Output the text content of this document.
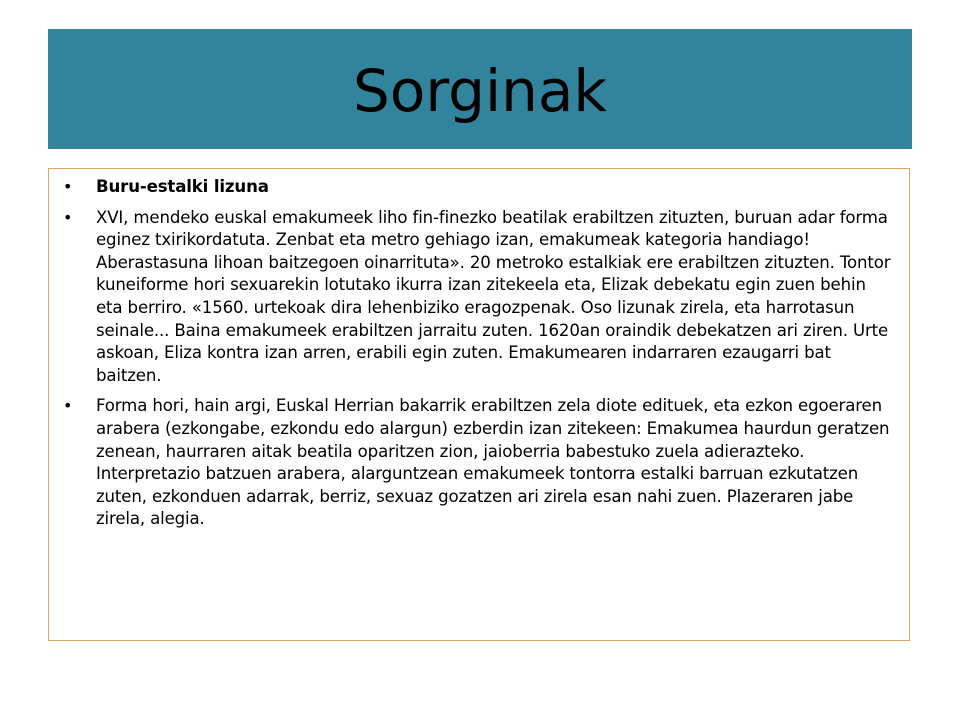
Sorginak
•	Buru-estalki lizuna
•	XVI, mendeko euskal emakumeek liho fin-finezko beatilak erabiltzen zituzten, buruan adar forma eginez txirikordatuta. Zenbat eta metro gehiago izan, emakumeak kategoria handiago! Aberastasuna lihoan baitzegoen oinarrituta». 20 metroko estalkiak ere erabiltzen zituzten. Tontor kuneiforme hori sexuarekin lotutako ikurra izan zitekeela eta, Elizak debekatu egin zuen behin eta berriro. «1560. urtekoak dira lehenbiziko eragozpenak. Oso lizunak zirela, eta harrotasun seinale... Baina emakumeek erabiltzen jarraitu zuten. 1620an oraindik debekatzen ari ziren. Urte askoan, Eliza kontra izan arren, erabili egin zuten. Emakumearen indarraren ezaugarri bat baitzen.
•	Forma hori, hain argi, Euskal Herrian bakarrik erabiltzen zela diote edituek, eta ezkon egoeraren arabera (ezkongabe, ezkondu edo alargun) ezberdin izan zitekeen: Emakumea haurdun geratzen zenean, haurraren aitak beatila oparitzen zion, jaioberria babestuko zuela adierazteko. Interpretazio batzuen arabera, alarguntzean emakumeek tontorra estalki barruan ezkutatzen zuten, ezkonduen adarrak, berriz, sexuaz gozatzen ari zirela esan nahi zuen. Plazeraren jabe zirela, alegia.
